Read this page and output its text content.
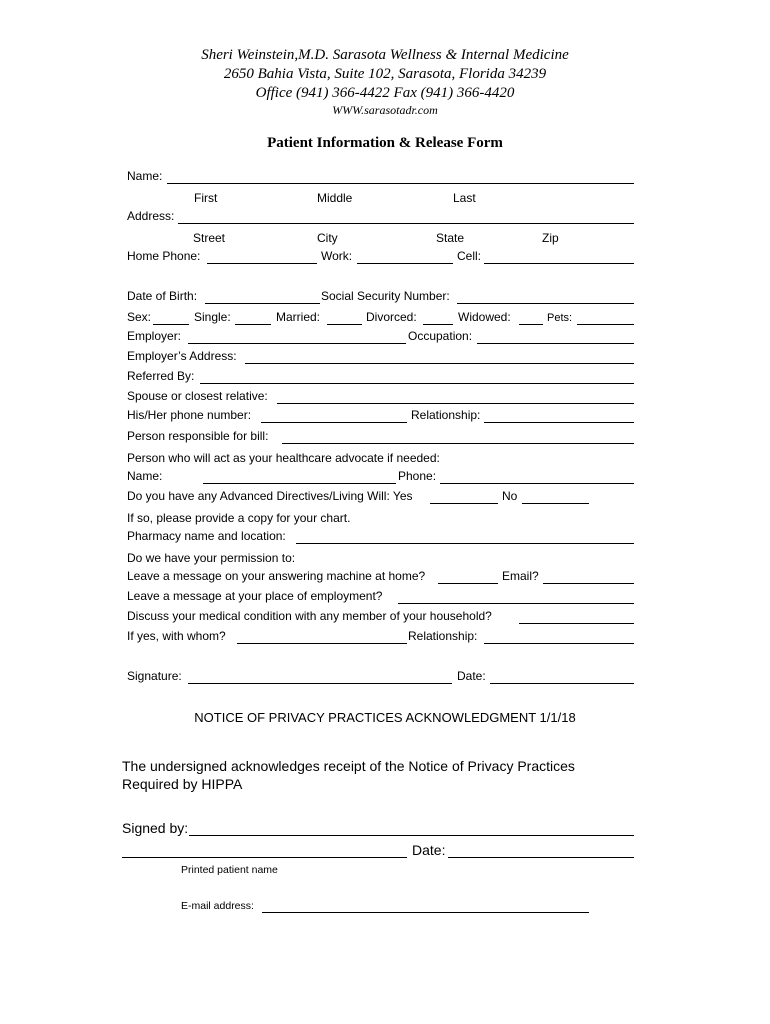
Sheri Weinstein,M.D. Sarasota Wellness & Internal Medicine
2650 Bahia Vista, Suite 102, Sarasota, Florida 34239
Office (941) 366-4422 Fax (941) 366-4420
WWW.sarasotadr.com
Patient Information & Release Form
Name:
First	Middle	Last
Address:
Street	City	State	Zip
Home Phone:	Work:	Cell:
Date of Birth:	Social Security Number:
Sex:	Single:	Married:	Divorced:	Widowed:	Pets:
Employer:	Occupation:
Employer’s Address:
Referred By:
Spouse or closest relative:
His/Her phone number:	Relationship:
Person responsible for bill:
Person who will act as your healthcare advocate if needed:
Name:	Phone:
Do you have any Advanced Directives/Living Will: Yes	No
If so, please provide a copy for your chart.
Pharmacy name and location:
Do we have your permission to:
Leave a message on your answering machine at home?	Email?
Leave a message at your place of employment?
Discuss your medical condition with any member of your household?
If yes, with whom?	Relationship:
Signature:	Date:
NOTICE OF PRIVACY PRACTICES ACKNOWLEDGMENT 1/1/18
The undersigned acknowledges receipt of the Notice of Privacy Practices
Required by HIPPA
Signed by:
Date:
Printed patient name
E-mail address:
